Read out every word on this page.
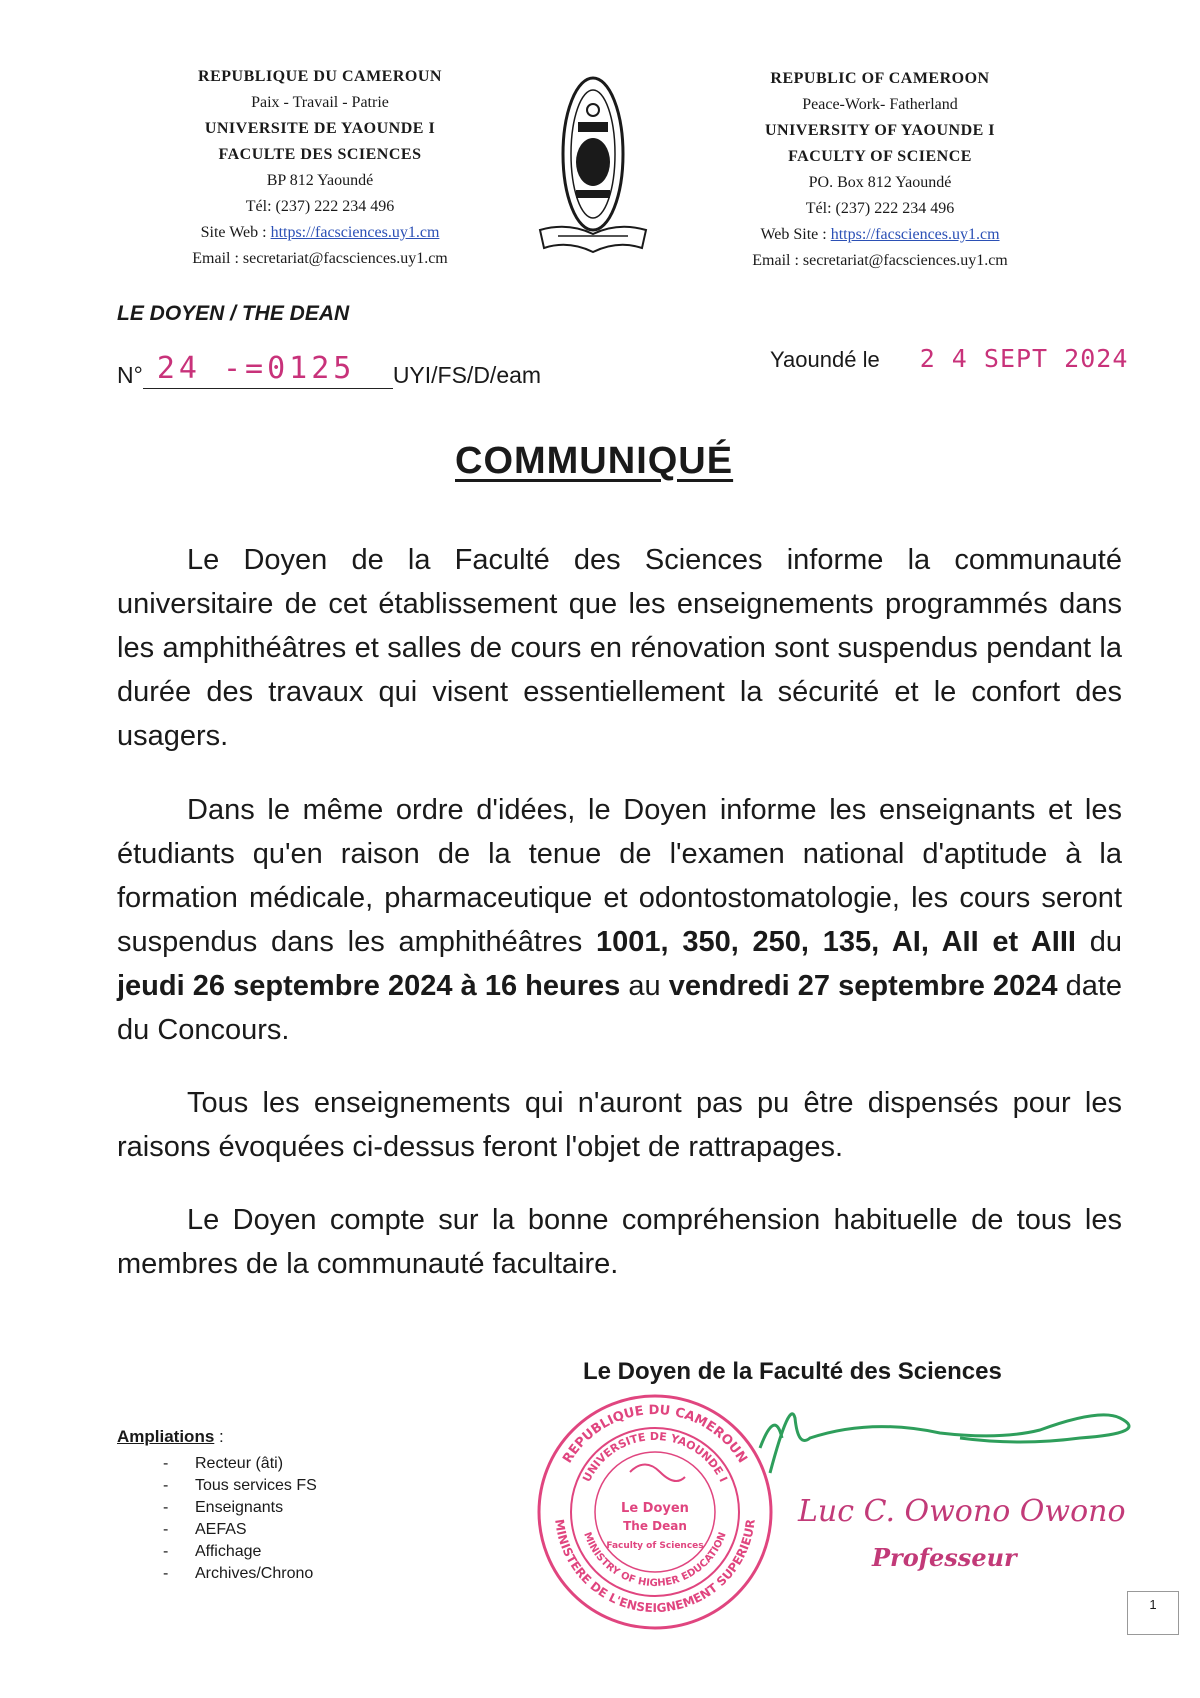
REPUBLIQUE DU CAMEROUN
Paix - Travail - Patrie
UNIVERSITE DE YAOUNDE I
FACULTE DES SCIENCES
BP 812 Yaoundé
Tél: (237) 222 234 496
Site Web : https://facsciences.uy1.cm
Email : secretariat@facsciences.uy1.cm
REPUBLIC OF CAMEROON
Peace-Work- Fatherland
UNIVERSITY OF YAOUNDE I
FACULTY OF SCIENCE
PO. Box 812 Yaoundé
Tél: (237) 222 234 496
Web Site : https://facsciences.uy1.cm
Email : secretariat@facsciences.uy1.cm
LE DOYEN / THE DEAN
N° 24 -=0125 UYI/FS/D/eam
Yaoundé le 2 4 SEPT 2024
COMMUNIQUÉ
Le Doyen de la Faculté des Sciences informe la communauté universitaire de cet établissement que les enseignements programmés dans les amphithéâtres et salles de cours en rénovation sont suspendus pendant la durée des travaux qui visent essentiellement la sécurité et le confort des usagers.
Dans le même ordre d'idées, le Doyen informe les enseignants et les étudiants qu'en raison de la tenue de l'examen national d'aptitude à la formation médicale, pharmaceutique et odontostomatologie, les cours seront suspendus dans les amphithéâtres 1001, 350, 250, 135, AI, AII et AIII du jeudi 26 septembre 2024 à 16 heures au vendredi 27 septembre 2024 date du Concours.
Tous les enseignements qui n'auront pas pu être dispensés pour les raisons évoquées ci-dessus feront l'objet de rattrapages.
Le Doyen compte sur la bonne compréhension habituelle de tous les membres de la communauté facultaire.
Le Doyen de la Faculté des Sciences
REPUBLIQUE DU CAMEROUN
MINISTERE DE L'ENSEIGNEMENT SUPERIEUR
UNIVERSITE DE YAOUNDE I
MINISTRY OF HIGHER EDUCATION
Le Doyen
The Dean
Faculty of Sciences
Luc C. Owono Owono
Professeur
Ampliations :
- Recteur (âti)
- Tous services FS
- Enseignants
- AEFAS
- Affichage
- Archives/Chrono
1
